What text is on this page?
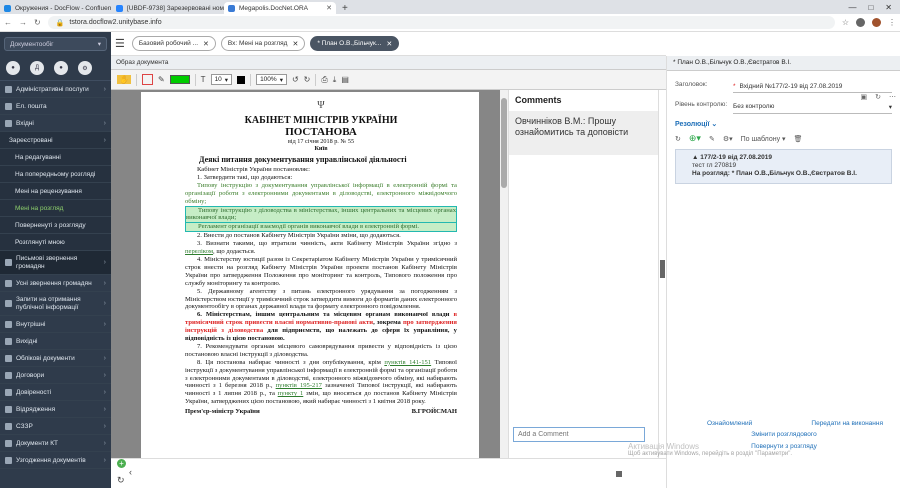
Окружения - DocFlow - Confluen [UBDF-9738] Зарезервовані ном Megapolis.DocNet.ORA	✕	+	— □ ✕
← → ↻ 🔒 tstora.docflow2.unitybase.info	☆	⋮
Документообіг	▾
●	Д	●	⚙
Адміністративні послуги ›
Ел. пошта
Вхідні	›
Зареєстровані	›
На редагуванні
На попередньому розгляді
Мені на рецензування
Мені на розгляд
Поверненуті з розгляду
Розглянуті мною
Письмові звернення громадян
›
Усні звернення громадян ›
Запити на отримання публічної інформації
›
Внутрішні	›
Вихідні
Облікові документи	›
Договори	›
Довіреності	›
Відрядження	›
СЗЗР	›
Документи КТ	›
Узгодження документів	›
☰ Базовий робочий ... ✕	Вх: Мені на розгляд ✕	* План О.В.,Більчук... ✕
Образ документа
✋	✎	T 10 ▾	100% ▾ ↺ ↻ ⎙ ⤓ ▤
Ψ
КАБІНЕТ МІНІСТРІВ УКРАЇНИ
ПОСТАНОВА
від 17 січня 2018 р. № 55
Київ
Деякі питання документування управлінської діяльності

Кабінет Міністрів України постановляє:

1. Затвердити такі, що додаються:

Типову інструкцію з документування управлінської інформації в електронній формі та організації роботи з електронними документами в діловодстві, електронного міжвідомчого обміну;

Типову інструкцію з діловодства в міністерствах, інших центральних та місцевих органах виконавчої влади;

Регламент організації взаємодії органів виконавчої влади в електронній формі.

2. Внести до постанов Кабінету Міністрів України зміни, що додаються.

3. Визнати такими, що втратили чинність, акти Кабінету Міністрів України згідно з переліком, що додається.

4. Міністерству юстиції разом із Секретаріатом Кабінету Міністрів України у тримісячний строк внести на розгляд Кабінету Міністрів України проекти постанов Кабінету Міністрів України про затвердження Положення про моніторинг та контроль, Типового положення про службу моніторингу та контролю.

5. Державному агентству з питань електронного урядування за погодженням з Міністерством юстиції у тримісячний строк затвердити вимоги до форматів даних електронного документообігу в органах державної влади та формату електронного повідомлення.

6. Міністерствам, іншим центральним та місцевим органам виконавчої влади в тримісячний строк привести власні нормативно-правові акти, зокрема про затвердження інструкцій з діловодства для підприємств, що належать до сфери їх управління, у відповідність із цією постановою.

7. Рекомендувати органам місцевого самоврядування привести у відповідність із цією постановою власні інструкції з діловодства.

8. Ця постанова набирає чинності з дня опублікування, крім пунктів 141-151 Типової інструкції з документування управлінської інформації в електронній формі та організації роботи з електронними документами в діловодстві, електронного міжвідомчого обміну, які набирають чинності з 1 березня 2018 р., пунктів 195-217 зазначеної Типової інструкції, які набирають чинності з 1 липня 2018 р., та пункту 1 змін, що вносяться до постанов Кабінету Міністрів України, затверджених цією постановою, який набирає чинності з 1 квітня 2018 року.

Прем'єр-міністр України	В.ГРОЙСМАН
Comments
Овчинніков В.М.: Прошу ознайомитись та доповісти
Add a Comment
+
‹
↻
* План О.В.,Більчук О.В.,Євстратов В.І.
▣ ↻ ⋯
Заголовок:	* Вхідний №177/2-19 від 27.08.2019
Рівень контролю: Без контролю	▾
Резолюції ⌄
↻ ⊕▾ ✎ ⚙▾ По шаблону ▾ 🗑
▲ 177/2-19 від 27.08.2019
тест гл 270819
На розгляд: * План О.В.,Більчук О.В.,Євстратов В.І.
Ознайомлений	Передати на виконання
Змінити розглядового
Повернути з розгляду
Активація Windows
Щоб активувати Windows, перейдіть в розділ "Параметри".
